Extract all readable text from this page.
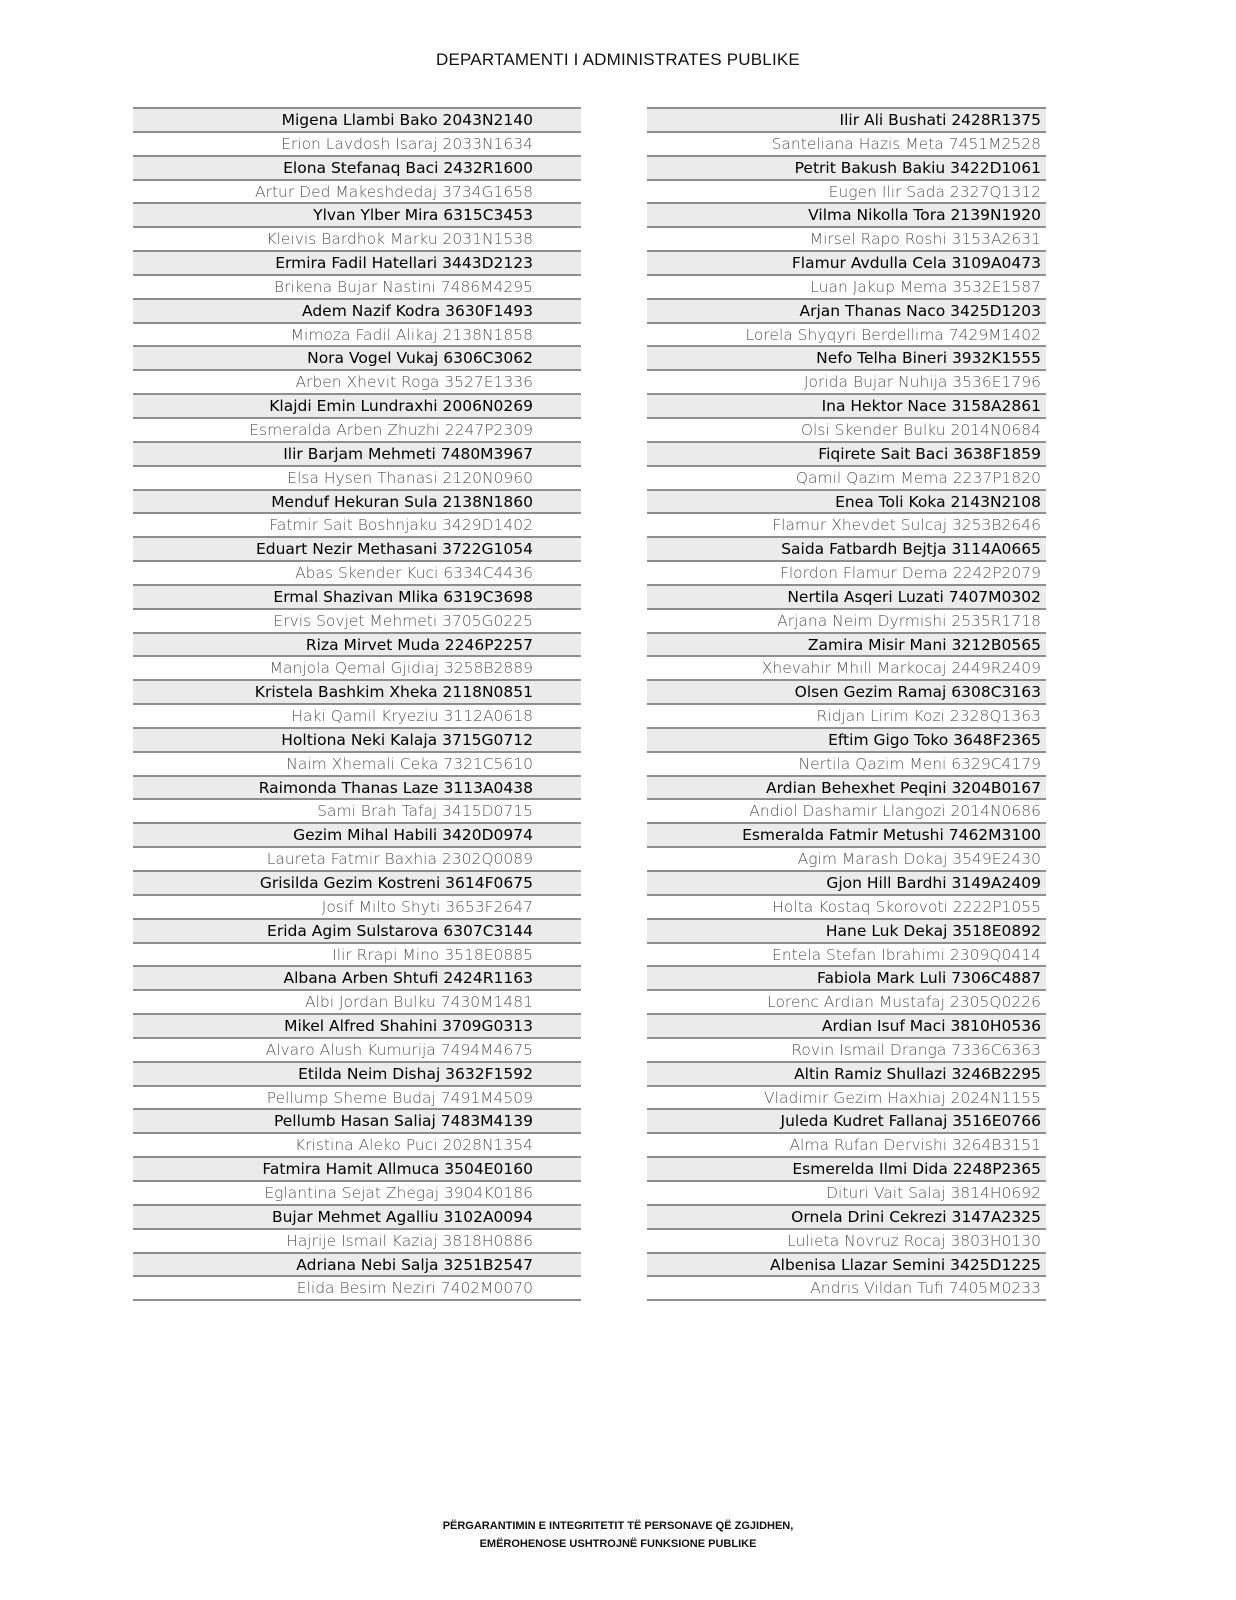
DEPARTAMENTI I ADMINISTRATES PUBLIKE
Migena Llambi Bako 2043N2140
Erion Lavdosh Isaraj 2033N1634
Elona Stefanaq Baci 2432R1600
Artur Ded Makeshdedaj 3734G1658
Ylvan Ylber Mira 6315C3453
Kleivis Bardhok Marku 2031N1538
Ermira Fadil Hatellari 3443D2123
Brikena Bujar Nastini 7486M4295
Adem Nazif Kodra 3630F1493
Mimoza Fadil Alikaj 2138N1858
Nora Vogel Vukaj 6306C3062
Arben Xhevit Roga 3527E1336
Klajdi Emin Lundraxhi 2006N0269
Esmeralda Arben Zhuzhi 2247P2309
Ilir Barjam Mehmeti 7480M3967
Elsa Hysen Thanasi 2120N0960
Menduf Hekuran Sula 2138N1860
Fatmir Sait Boshnjaku 3429D1402
Eduart Nezir Methasani 3722G1054
Abas Skender Kuci 6334C4436
Ermal Shazivan Mlika 6319C3698
Ervis Sovjet Mehmeti 3705G0225
Riza Mirvet Muda 2246P2257
Manjola Qemal Gjidiaj 3258B2889
Kristela Bashkim Xheka 2118N0851
Haki Qamil Kryeziu 3112A0618
Holtiona Neki Kalaja 3715G0712
Naim Xhemali Ceka 7321C5610
Raimonda Thanas Laze 3113A0438
Sami Brah Tafaj 3415D0715
Gezim Mihal Habili 3420D0974
Laureta Fatmir Baxhia 2302Q0089
Grisilda Gezim Kostreni 3614F0675
Josif Milto Shyti 3653F2647
Erida Agim Sulstarova 6307C3144
Ilir Rrapi Mino 3518E0885
Albana Arben Shtufi 2424R1163
Albi Jordan Bulku 7430M1481
Mikel Alfred Shahini 3709G0313
Alvaro Alush Kumurija 7494M4675
Etilda Neim Dishaj 3632F1592
Pellump Sheme Budaj 7491M4509
Pellumb Hasan Saliaj 7483M4139
Kristina Aleko Puci 2028N1354
Fatmira Hamit Allmuca 3504E0160
Eglantina Sejat Zhegaj 3904K0186
Bujar Mehmet Agalliu 3102A0094
Hajrije Ismail Kaziaj 3818H0886
Adriana Nebi Salja 3251B2547
Elida Besim Neziri 7402M0070
Ilir Ali Bushati 2428R1375
Santeliana Hazis Meta 7451M2528
Petrit Bakush Bakiu 3422D1061
Eugen Ilir Sada 2327Q1312
Vilma Nikolla Tora 2139N1920
Mirsel Rapo Roshi 3153A2631
Flamur Avdulla Cela 3109A0473
Luan Jakup Mema 3532E1587
Arjan Thanas Naco 3425D1203
Lorela Shyqyri Berdellima 7429M1402
Nefo Telha Bineri 3932K1555
Jorida Bujar Nuhija 3536E1796
Ina Hektor Nace 3158A2861
Olsi Skender Bulku 2014N0684
Fiqirete Sait Baci 3638F1859
Qamil Qazim Mema 2237P1820
Enea Toli Koka 2143N2108
Flamur Xhevdet Sulcaj 3253B2646
Saida Fatbardh Bejtja 3114A0665
Flordon Flamur Dema 2242P2079
Nertila Asqeri Luzati 7407M0302
Arjana Neim Dyrmishi 2535R1718
Zamira Misir Mani 3212B0565
Xhevahir Mhill Markocaj 2449R2409
Olsen Gezim Ramaj 6308C3163
Ridjan Lirim Kozi 2328Q1363
Eftim Gigo Toko 3648F2365
Nertila Qazim Meni 6329C4179
Ardian Behexhet Peqini 3204B0167
Andiol Dashamir Llangozi 2014N0686
Esmeralda Fatmir Metushi 7462M3100
Agim Marash Dokaj 3549E2430
Gjon Hill Bardhi 3149A2409
Holta Kostaq Skorovoti 2222P1055
Hane Luk Dekaj 3518E0892
Entela Stefan Ibrahimi 2309Q0414
Fabiola Mark Luli 7306C4887
Lorenc Ardian Mustafaj 2305Q0226
Ardian Isuf Maci 3810H0536
Rovin Ismail Dranga 7336C6363
Altin Ramiz Shullazi 3246B2295
Vladimir Gezim Haxhiaj 2024N1155
Juleda Kudret Fallanaj 3516E0766
Alma Rufan Dervishi 3264B3151
Esmerelda Ilmi Dida 2248P2365
Dituri Vait Salaj 3814H0692
Ornela Drini Cekrezi 3147A2325
Lulieta Novruz Rocaj 3803H0130
Albenisa Llazar Semini 3425D1225
Andris Vildan Tufi 7405M0233
PËRGARANTIMIN E INTEGRITETIT TË PERSONAVE QË ZGJIDHEN,
EMËROHENOSE USHTROJNË FUNKSIONE PUBLIKE
